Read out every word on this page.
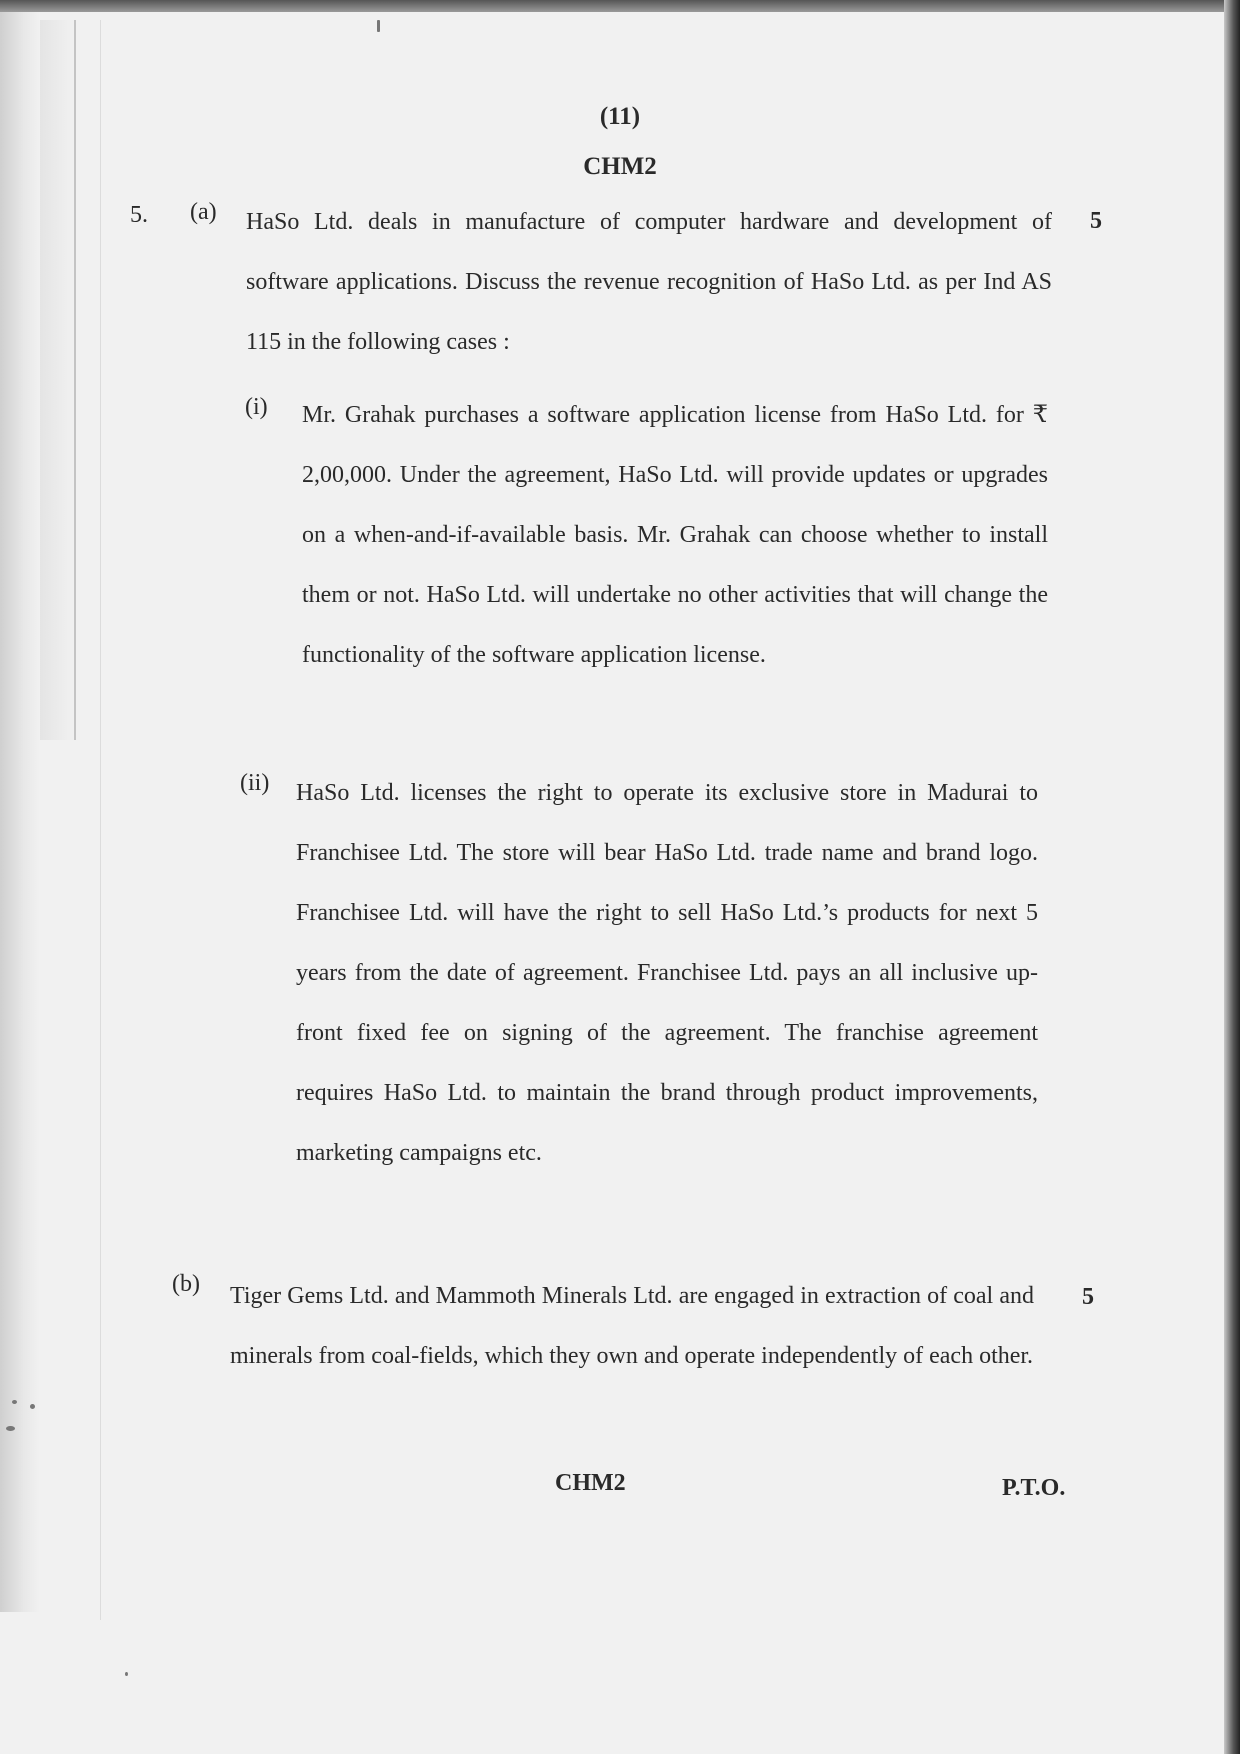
(11)
CHM2
5. (a)	5
HaSo Ltd. deals in manufacture of computer hardware and development of software applications. Discuss the revenue recognition of HaSo Ltd. as per Ind AS 115 in the following cases :
(i) Mr. Grahak purchases a software application license from HaSo Ltd. for ₹ 2,00,000. Under the agreement, HaSo Ltd. will provide updates or upgrades on a when-and-if-available basis. Mr. Grahak can choose whether to install them or not. HaSo Ltd. will undertake no other activities that will change the functionality of the software application license.
(ii) HaSo Ltd. licenses the right to operate its exclusive store in Madurai to Franchisee Ltd. The store will bear HaSo Ltd. trade name and brand logo. Franchisee Ltd. will have the right to sell HaSo Ltd.’s products for next 5 years from the date of agreement. Franchisee Ltd. pays an all inclusive up-front fixed fee on signing of the agreement. The franchise agreement requires HaSo Ltd. to maintain the brand through product improvements, marketing campaigns etc.
(b)	5
Tiger Gems Ltd. and Mammoth Minerals Ltd. are engaged in extraction of coal and minerals from coal-fields, which they own and operate independently of each other.
CHM2	P.T.O.
